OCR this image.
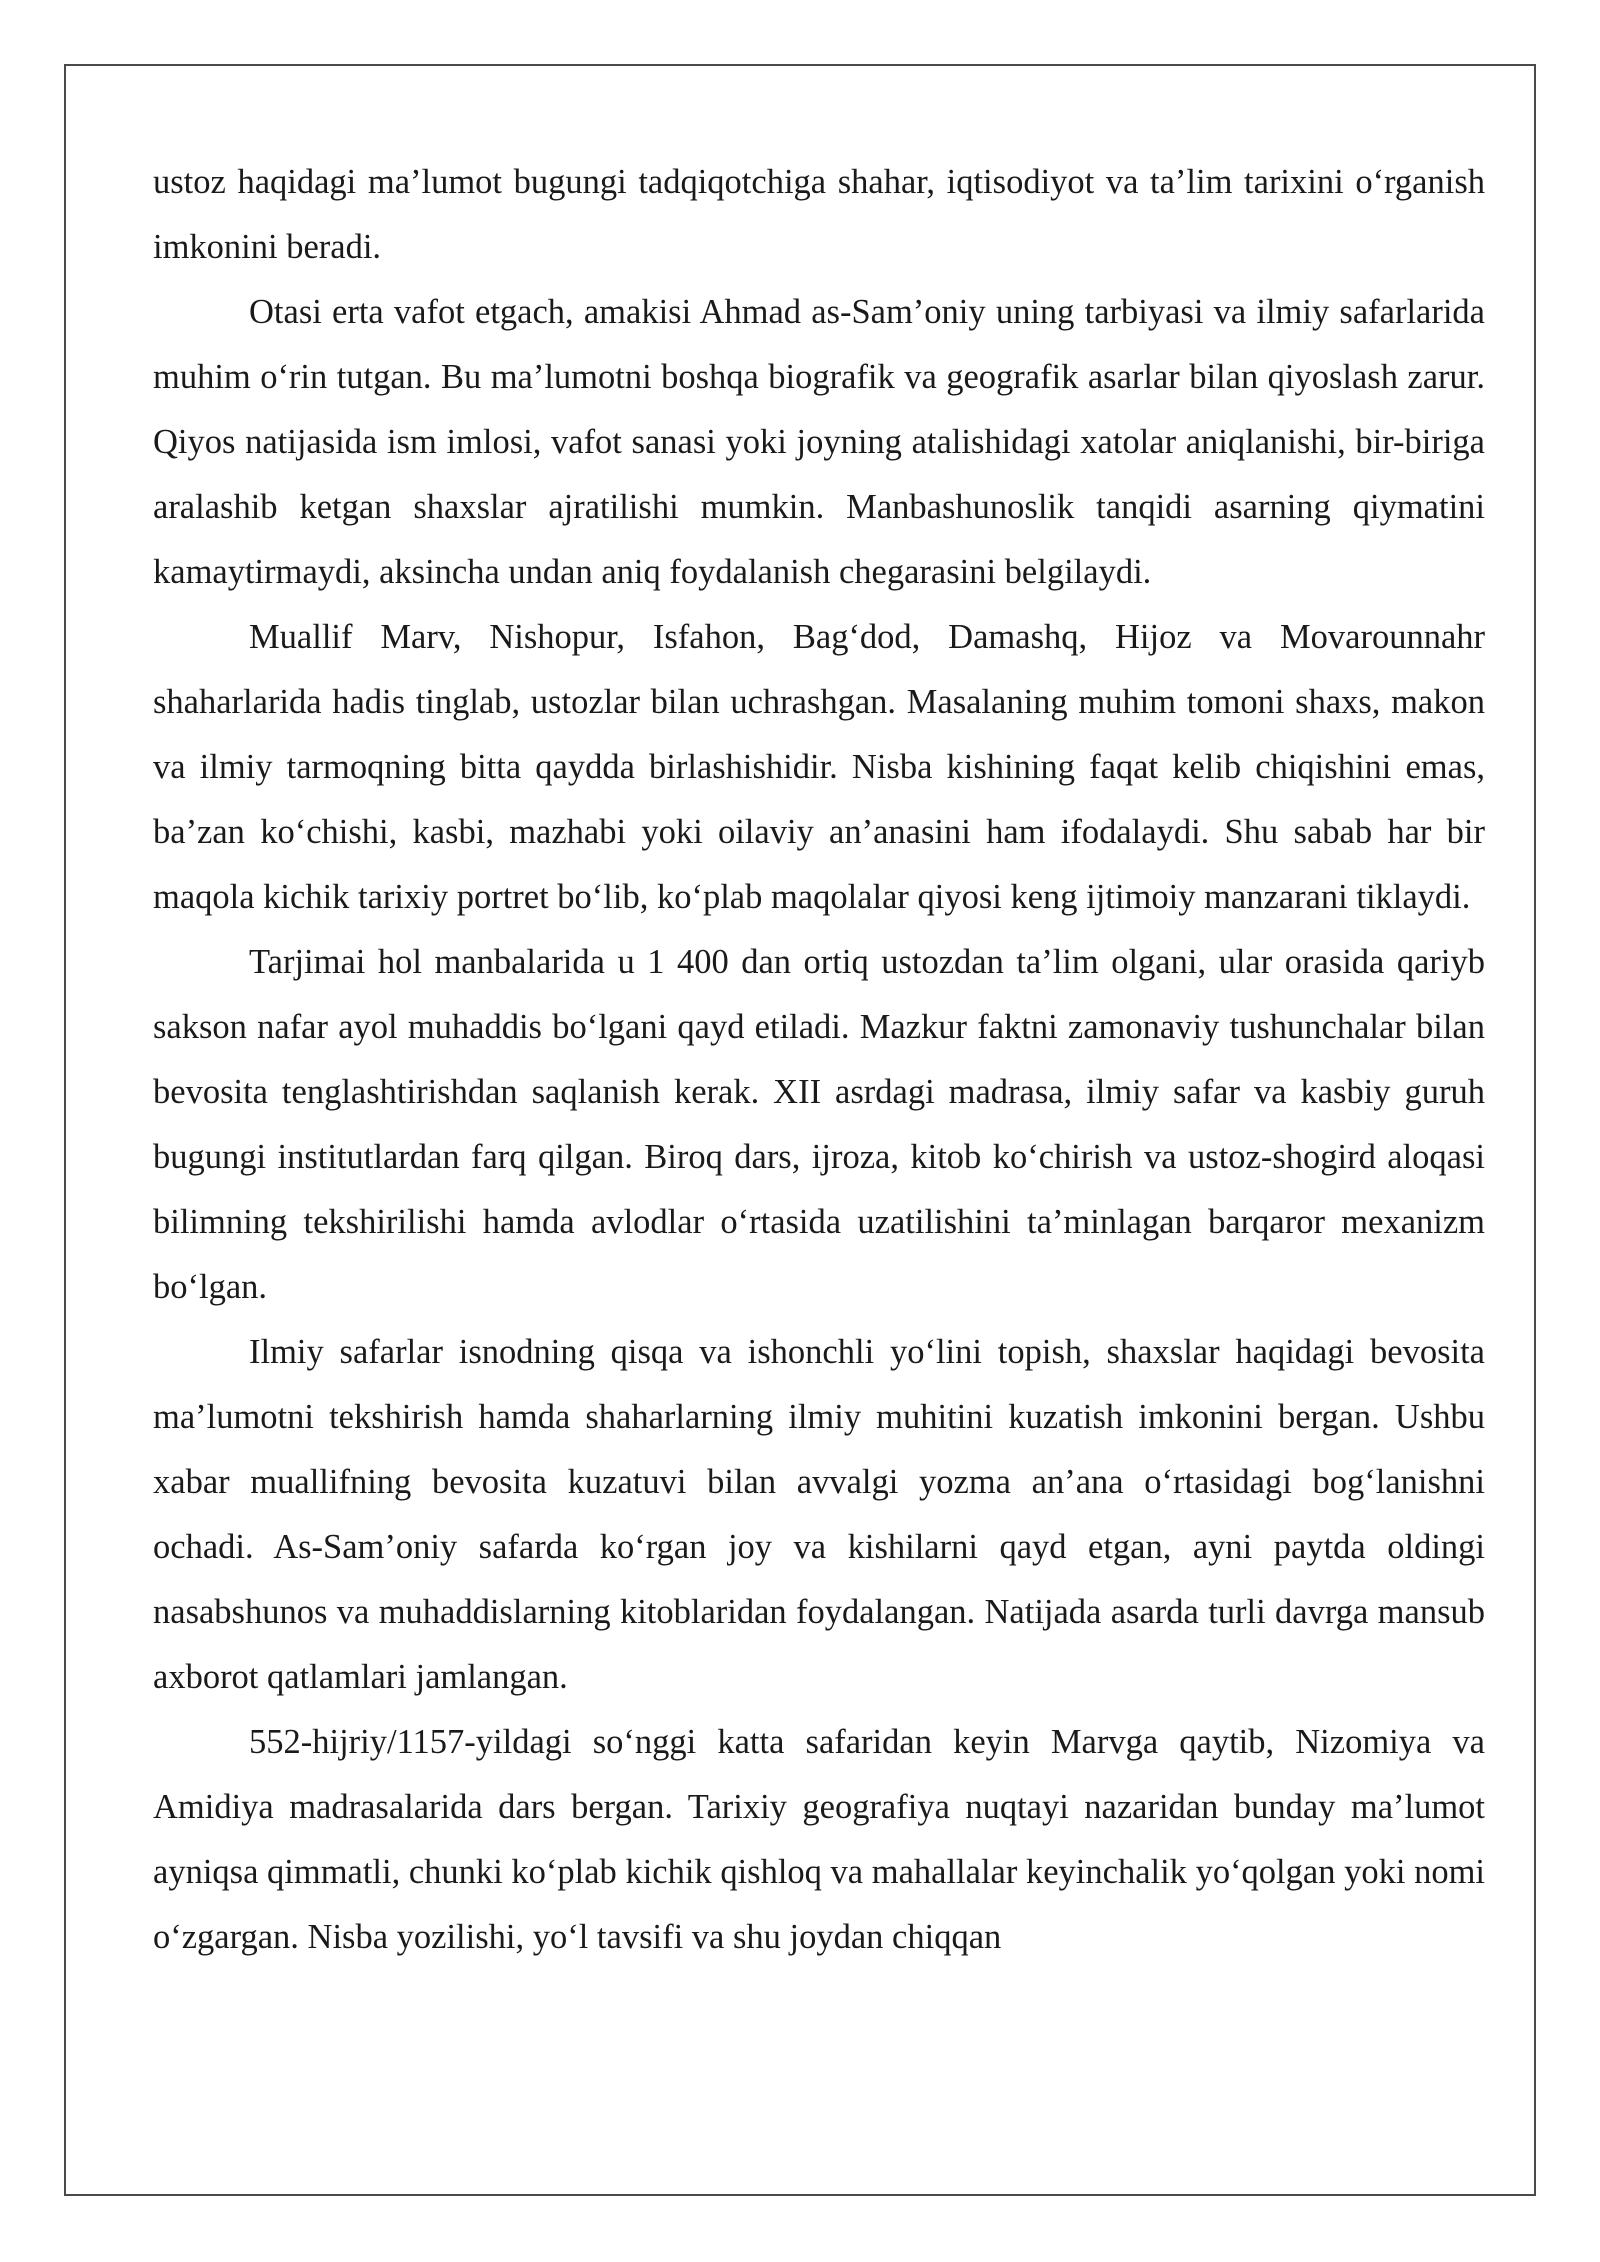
ustoz haqidagi ma’lumot bugungi tadqiqotchiga shahar, iqtisodiyot va ta’lim tarixini o‘rganish imkonini beradi.

Otasi erta vafot etgach, amakisi Ahmad as-Sam’oniy uning tarbiyasi va ilmiy safarlarida muhim o‘rin tutgan. Bu ma’lumotni boshqa biografik va geografik asarlar bilan qiyoslash zarur. Qiyos natijasida ism imlosi, vafot sanasi yoki joyning atalishidagi xatolar aniqlanishi, bir-biriga aralashib ketgan shaxslar ajratilishi mumkin. Manbashunoslik tanqidi asarning qiymatini kamaytirmaydi, aksincha undan aniq foydalanish chegarasini belgilaydi.

Muallif Marv, Nishopur, Isfahon, Bag‘dod, Damashq, Hijoz va Movarounnahr shaharlarida hadis tinglab, ustozlar bilan uchrashgan. Masalaning muhim tomoni shaxs, makon va ilmiy tarmoqning bitta qaydda birlashishidir. Nisba kishining faqat kelib chiqishini emas, ba’zan ko‘chishi, kasbi, mazhabi yoki oilaviy an’anasini ham ifodalaydi. Shu sabab har bir maqola kichik tarixiy portret bo‘lib, ko‘plab maqolalar qiyosi keng ijtimoiy manzarani tiklaydi.

Tarjimai hol manbalarida u 1 400 dan ortiq ustozdan ta’lim olgani, ular orasida qariyb sakson nafar ayol muhaddis bo‘lgani qayd etiladi. Mazkur faktni zamonaviy tushunchalar bilan bevosita tenglashtirishdan saqlanish kerak. XII asrdagi madrasa, ilmiy safar va kasbiy guruh bugungi institutlardan farq qilgan. Biroq dars, ijroza, kitob ko‘chirish va ustoz-shogird aloqasi bilimning tekshirilishi hamda avlodlar o‘rtasida uzatilishini ta’minlagan barqaror mexanizm bo‘lgan.

Ilmiy safarlar isnodning qisqa va ishonchli yo‘lini topish, shaxslar haqidagi bevosita ma’lumotni tekshirish hamda shaharlarning ilmiy muhitini kuzatish imkonini bergan. Ushbu xabar muallifning bevosita kuzatuvi bilan avvalgi yozma an’ana o‘rtasidagi bog‘lanishni ochadi. As-Sam’oniy safarda ko‘rgan joy va kishilarni qayd etgan, ayni paytda oldingi nasabshunos va muhaddislarning kitoblaridan foydalangan. Natijada asarda turli davrga mansub axborot qatlamlari jamlangan.

552-hijriy/1157-yildagi so‘nggi katta safaridan keyin Marvga qaytib, Nizomiya va Amidiya madrasalarida dars bergan. Tarixiy geografiya nuqtayi nazaridan bunday ma’lumot ayniqsa qimmatli, chunki ko‘plab kichik qishloq va mahallalar keyinchalik yo‘qolgan yoki nomi o‘zgargan. Nisba yozilishi, yo‘l tavsifi va shu joydan chiqqan
